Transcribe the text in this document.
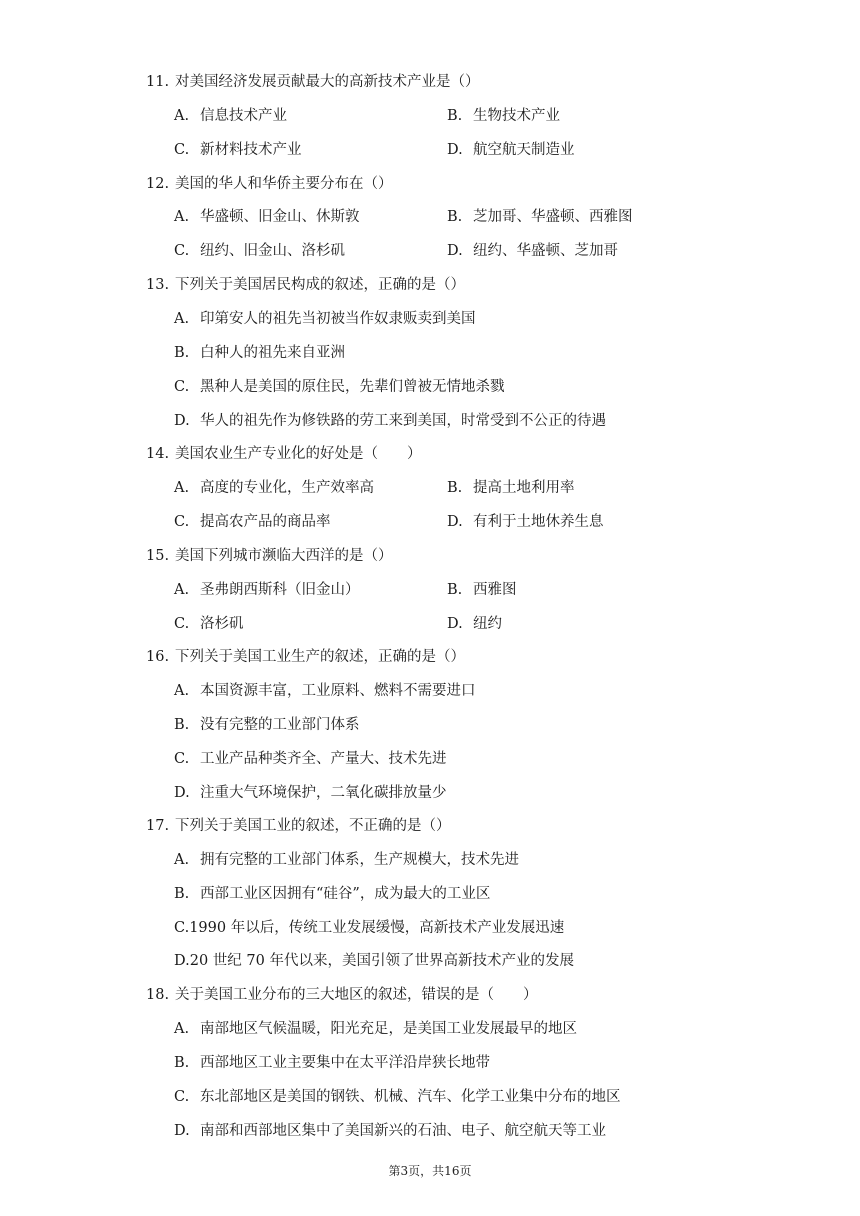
11. 对美国经济发展贡献最大的高新技术产业是（）
A. 信息技术产业	B. 生物技术产业
C. 新材料技术产业	D. 航空航天制造业
12. 美国的华人和华侨主要分布在（）
A. 华盛顿、旧金山、休斯敦	B. 芝加哥、华盛顿、西雅图
C. 纽约、旧金山、洛杉矶	D. 纽约、华盛顿、芝加哥
13. 下列关于美国居民构成的叙述，正确的是（）
A. 印第安人的祖先当初被当作奴隶贩卖到美国
B. 白种人的祖先来自亚洲
C. 黑种人是美国的原住民，先辈们曾被无情地杀戮
D. 华人的祖先作为修铁路的劳工来到美国，时常受到不公正的待遇
14. 美国农业生产专业化的好处是（　　）
A. 高度的专业化，生产效率高	B. 提高土地利用率
C. 提高农产品的商品率	D. 有利于土地休养生息
15. 美国下列城市濒临大西洋的是（）
A. 圣弗朗西斯科（旧金山）	B. 西雅图
C. 洛杉矶	D. 纽约
16. 下列关于美国工业生产的叙述，正确的是（）
A. 本国资源丰富，工业原料、燃料不需要进口
B. 没有完整的工业部门体系
C. 工业产品种类齐全、产量大、技术先进
D. 注重大气环境保护，二氧化碳排放量少
17. 下列关于美国工业的叙述，不正确的是（）
A. 拥有完整的工业部门体系，生产规模大，技术先进
B. 西部工业区因拥有“硅谷”，成为最大的工业区
C.1990 年以后，传统工业发展缓慢，高新技术产业发展迅速
D.20 世纪 70 年代以来，美国引领了世界高新技术产业的发展
18. 关于美国工业分布的三大地区的叙述，错误的是（　　）
A. 南部地区气候温暖，阳光充足，是美国工业发展最早的地区
B. 西部地区工业主要集中在太平洋沿岸狭长地带
C. 东北部地区是美国的钢铁、机械、汽车、化学工业集中分布的地区
D. 南部和西部地区集中了美国新兴的石油、电子、航空航天等工业
第3页，共16页
